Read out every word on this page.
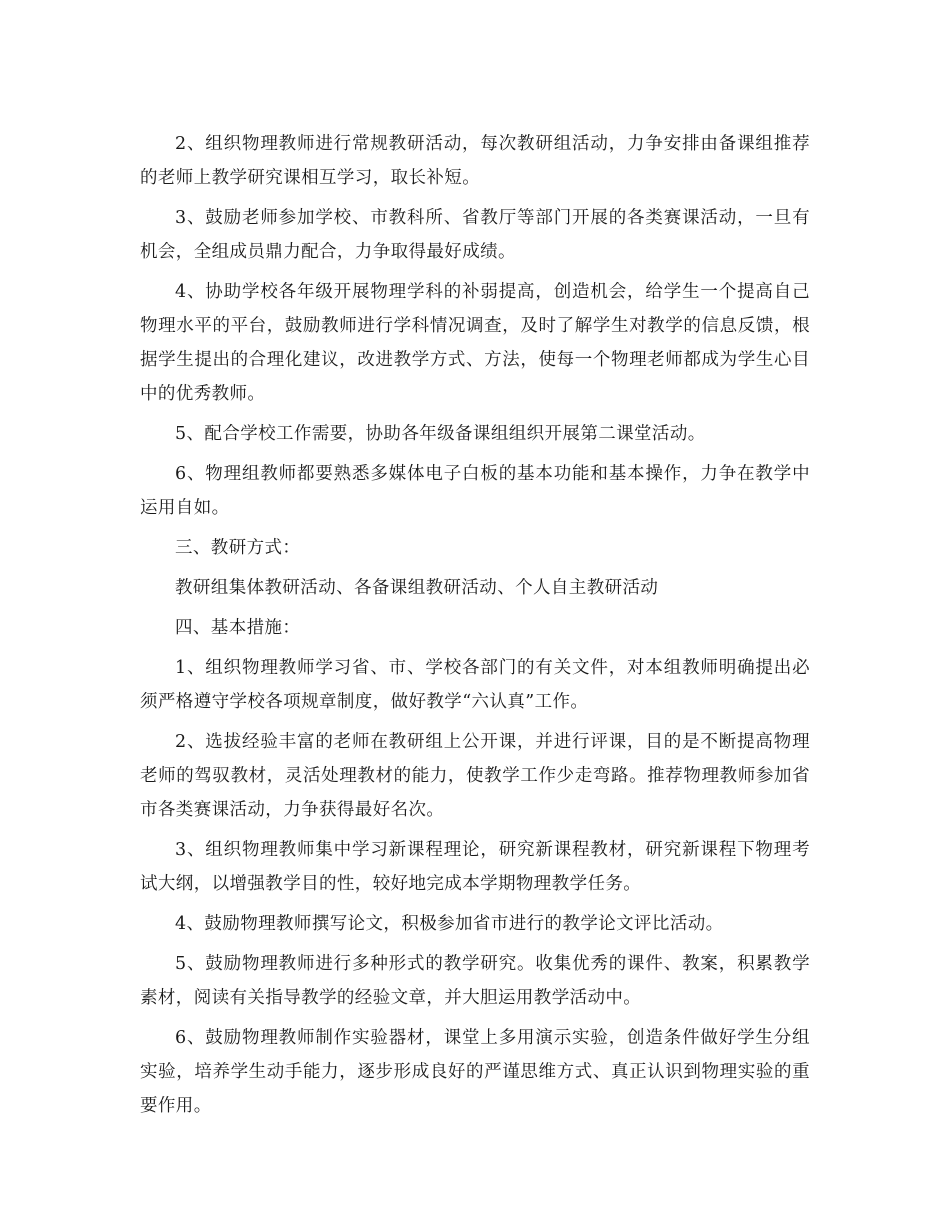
2、组织物理教师进行常规教研活动，每次教研组活动，力争安排由备课组推荐的老师上教学研究课相互学习，取长补短。

3、鼓励老师参加学校、市教科所、省教厅等部门开展的各类赛课活动，一旦有机会，全组成员鼎力配合，力争取得最好成绩。

4、协助学校各年级开展物理学科的补弱提高，创造机会，给学生一个提高自己物理水平的平台，鼓励教师进行学科情况调查，及时了解学生对教学的信息反馈，根据学生提出的合理化建议，改进教学方式、方法，使每一个物理老师都成为学生心目中的优秀教师。

5、配合学校工作需要，协助各年级备课组组织开展第二课堂活动。

6、物理组教师都要熟悉多媒体电子白板的基本功能和基本操作，力争在教学中运用自如。

三、教研方式：

教研组集体教研活动、各备课组教研活动、个人自主教研活动

四、基本措施：

1、组织物理教师学习省、市、学校各部门的有关文件，对本组教师明确提出必须严格遵守学校各项规章制度，做好教学“六认真”工作。

2、选拔经验丰富的老师在教研组上公开课，并进行评课，目的是不断提高物理老师的驾驭教材，灵活处理教材的能力，使教学工作少走弯路。推荐物理教师参加省市各类赛课活动，力争获得最好名次。

3、组织物理教师集中学习新课程理论，研究新课程教材，研究新课程下物理考试大纲，以增强教学目的性，较好地完成本学期物理教学任务。

4、鼓励物理教师撰写论文，积极参加省市进行的教学论文评比活动。

5、鼓励物理教师进行多种形式的教学研究。收集优秀的课件、教案，积累教学素材，阅读有关指导教学的经验文章，并大胆运用教学活动中。

6、鼓励物理教师制作实验器材，课堂上多用演示实验，创造条件做好学生分组实验，培养学生动手能力，逐步形成良好的严谨思维方式、真正认识到物理实验的重要作用。
